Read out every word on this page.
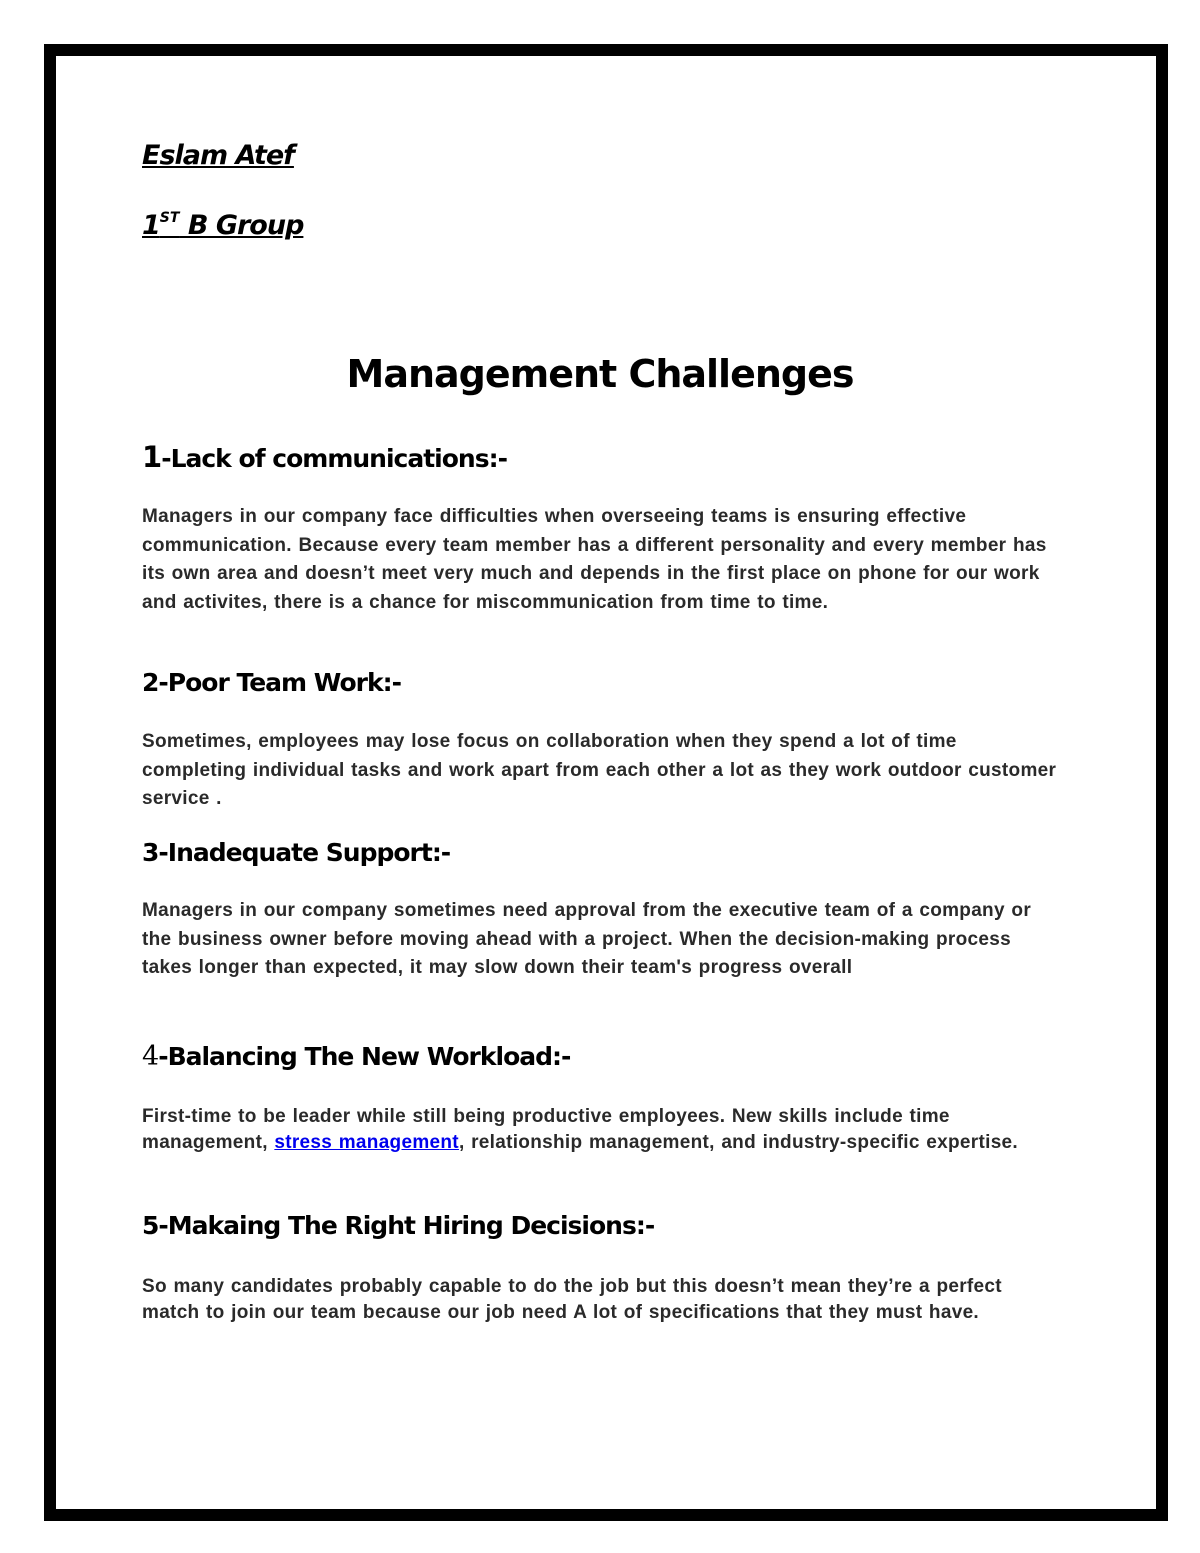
Eslam Atef

1ST B Group

Management Challenges
1-Lack of communications:-

Managers in our company face difficulties when overseeing teams is ensuring effective communication. Because every team member has a different personality and every member has its own area and doesn’t meet very much and depends in the first place on phone for our work and activites, there is a chance for miscommunication from time to time.

2-Poor Team Work:-

Sometimes, employees may lose focus on collaboration when they spend a lot of time completing individual tasks and work apart from each other a lot as they work outdoor customer service .

3-Inadequate Support:-

Managers in our company sometimes need approval from the executive team of a company or the business owner before moving ahead with a project. When the decision-making process takes longer than expected, it may slow down their team's progress overall

4-Balancing The New Workload:-

First-time to be leader while still being productive employees. New skills include time management, stress management, relationship management, and industry-specific expertise.

5-Makaing The Right Hiring Decisions:-

So many candidates probably capable to do the job but this doesn’t mean they’re a perfect match to join our team because our job need A lot of specifications that they must have.
